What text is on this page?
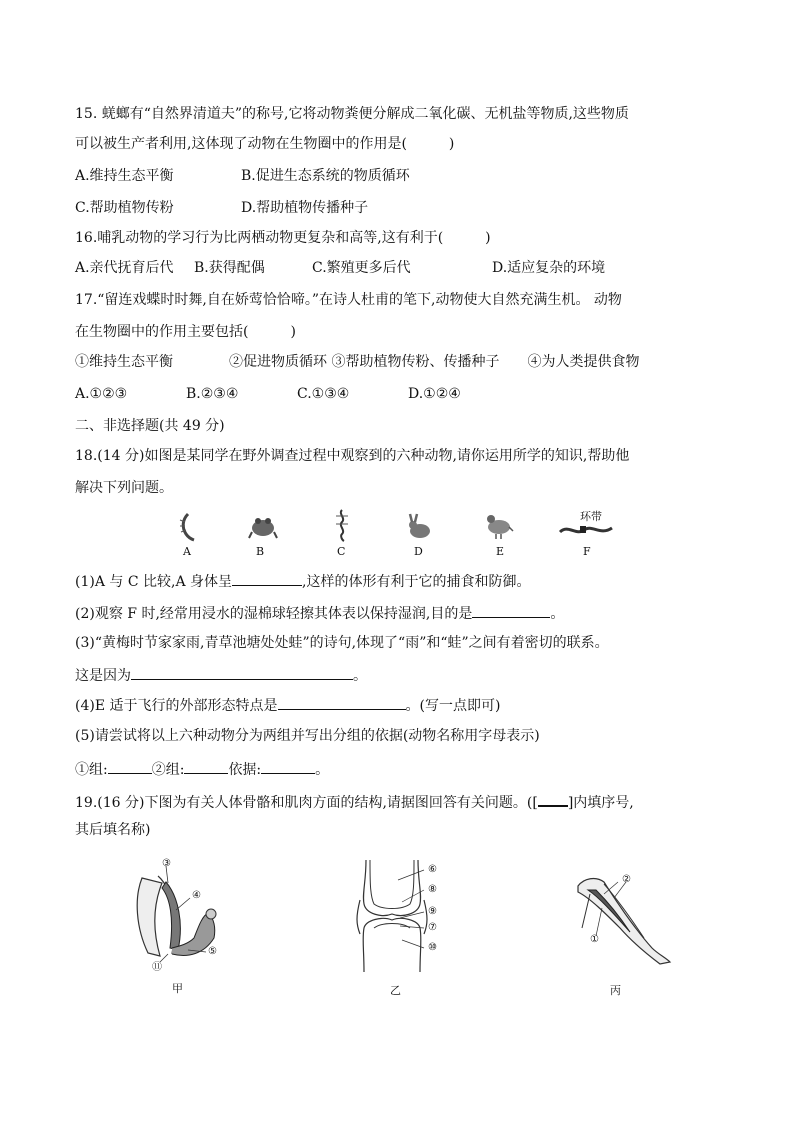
15. 蜣螂有“自然界清道夫”的称号,它将动物粪便分解成二氧化碳、无机盐等物质,这些物质
可以被生产者利用,这体现了动物在生物圈中的作用是(　　　)
A.维持生态平衡	B.促进生态系统的物质循环
C.帮助植物传粉	D.帮助植物传播种子
16.哺乳动物的学习行为比两栖动物更复杂和高等,这有利于(　　　)
A.亲代抚育后代 B.获得配偶	C.繁殖更多后代	D.适应复杂的环境
17.“留连戏蝶时时舞,自在娇莺恰恰啼。”在诗人杜甫的笔下,动物使大自然充满生机。 动物
在生物圈中的作用主要包括(　　　)
①维持生态平衡　　　　②促进物质循环 ③帮助植物传粉、传播种子　　④为人类提供食物
A.①②③	B.②③④	C.①③④	D.①②④
二、非选择题(共 49 分)
18.(14 分)如图是某同学在野外调查过程中观察到的六种动物,请你运用所学的知识,帮助他
解决下列问题。
环带
A	B	C	D	E	F
(1)A 与 C 比较,A 身体呈	,这样的体形有利于它的捕食和防御。
(2)观察 F 时,经常用浸水的湿棉球轻擦其体表以保持湿润,目的是	。
(3)“黄梅时节家家雨,青草池塘处处蛙”的诗句,体现了“雨”和“蛙”之间有着密切的联系。
这是因为	。
(4)E 适于飞行的外部形态特点是	。(写一点即可)
(5)请尝试将以上六种动物分为两组并写出分组的依据(动物名称用字母表示)
①组:	②组:	依据:	。
19.(16 分)下图为有关人体骨骼和肌肉方面的结构,请据图回答有关问题。([ ]内填序号,
其后填名称)
③
④
⑤
⑪
甲
⑥
⑧
⑨
⑦
⑩
乙
②
①
丙
